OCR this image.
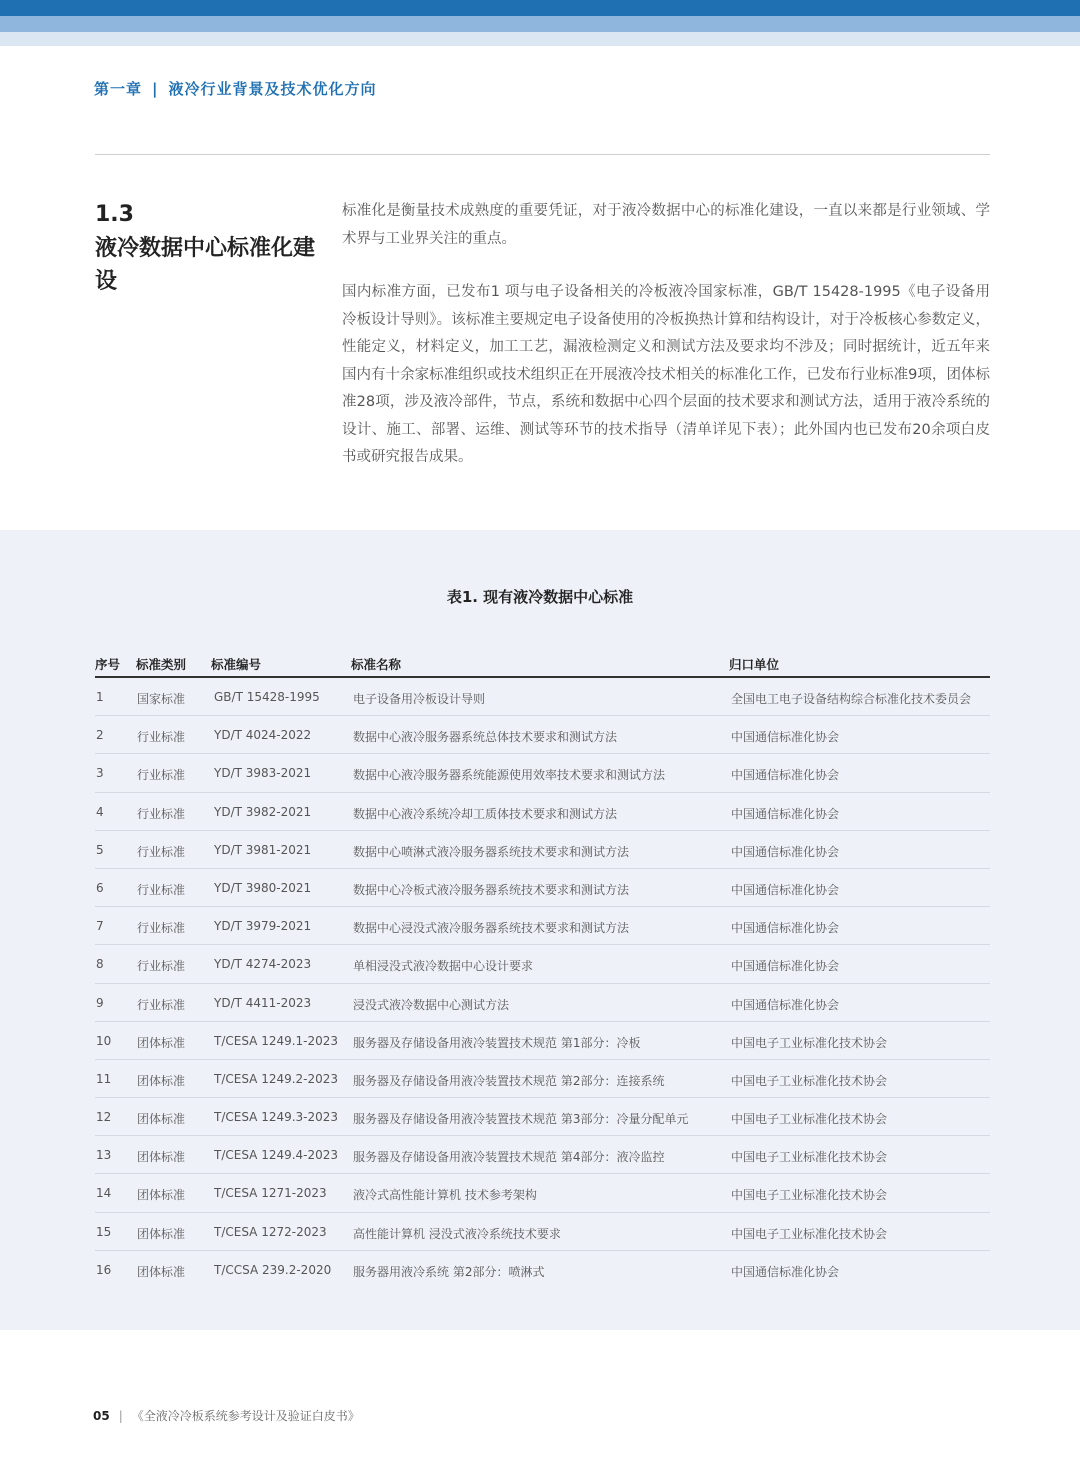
第一章 | 液冷行业背景及技术优化方向
1.3
液冷数据中心标准化建设

标准化是衡量技术成熟度的重要凭证，对于液冷数据中心的标准化建设，一直以来都是行业领域、学术界与工业界关注的重点。

国内标准方面，已发布1 项与电子设备相关的冷板液冷国家标准，GB/T 15428-1995《电子设备用冷板设计导则》。该标准主要规定电子设备使用的冷板换热计算和结构设计，对于冷板核心参数定义，性能定义，材料定义，加工工艺，漏液检测定义和测试方法及要求均不涉及；同时据统计，近五年来国内有十余家标准组织或技术组织正在开展液冷技术相关的标准化工作，已发布行业标准9项，团体标准28项，涉及液冷部件，节点，系统和数据中心四个层面的技术要求和测试方法，适用于液冷系统的设计、施工、部署、运维、测试等环节的技术指导（清单详见下表）；此外国内也已发布20余项白皮书或研究报告成果。

表1. 现有液冷数据中心标准
序号	标准类别	标准编号	标准名称	归口单位
1	国家标准	GB/T 15428-1995	电子设备用冷板设计导则	全国电工电子设备结构综合标准化技术委员会
2	行业标准	YD/T 4024-2022	数据中心液冷服务器系统总体技术要求和测试方法	中国通信标准化协会
3	行业标准	YD/T 3983-2021	数据中心液冷服务器系统能源使用效率技术要求和测试方法	中国通信标准化协会
4	行业标准	YD/T 3982-2021	数据中心液冷系统冷却工质体技术要求和测试方法	中国通信标准化协会
5	行业标准	YD/T 3981-2021	数据中心喷淋式液冷服务器系统技术要求和测试方法	中国通信标准化协会
6	行业标准	YD/T 3980-2021	数据中心冷板式液冷服务器系统技术要求和测试方法	中国通信标准化协会
7	行业标准	YD/T 3979-2021	数据中心浸没式液冷服务器系统技术要求和测试方法	中国通信标准化协会
8	行业标准	YD/T 4274-2023	单相浸没式液冷数据中心设计要求	中国通信标准化协会
9	行业标准	YD/T 4411-2023	浸没式液冷数据中心测试方法	中国通信标准化协会
10	团体标准	T/CESA 1249.1-2023	服务器及存储设备用液冷装置技术规范 第1部分：冷板	中国电子工业标准化技术协会
11	团体标准	T/CESA 1249.2-2023	服务器及存储设备用液冷装置技术规范 第2部分：连接系统	中国电子工业标准化技术协会
12	团体标准	T/CESA 1249.3-2023	服务器及存储设备用液冷装置技术规范 第3部分：冷量分配单元	中国电子工业标准化技术协会
13	团体标准	T/CESA 1249.4-2023	服务器及存储设备用液冷装置技术规范 第4部分：液冷监控	中国电子工业标准化技术协会
14	团体标准	T/CESA 1271-2023	液冷式高性能计算机 技术参考架构	中国电子工业标准化技术协会
15	团体标准	T/CESA 1272-2023	高性能计算机 浸没式液冷系统技术要求	中国电子工业标准化技术协会
16	团体标准	T/CCSA 239.2-2020	服务器用液冷系统 第2部分：喷淋式	中国通信标准化协会
05 | 《全液冷冷板系统参考设计及验证白皮书》
